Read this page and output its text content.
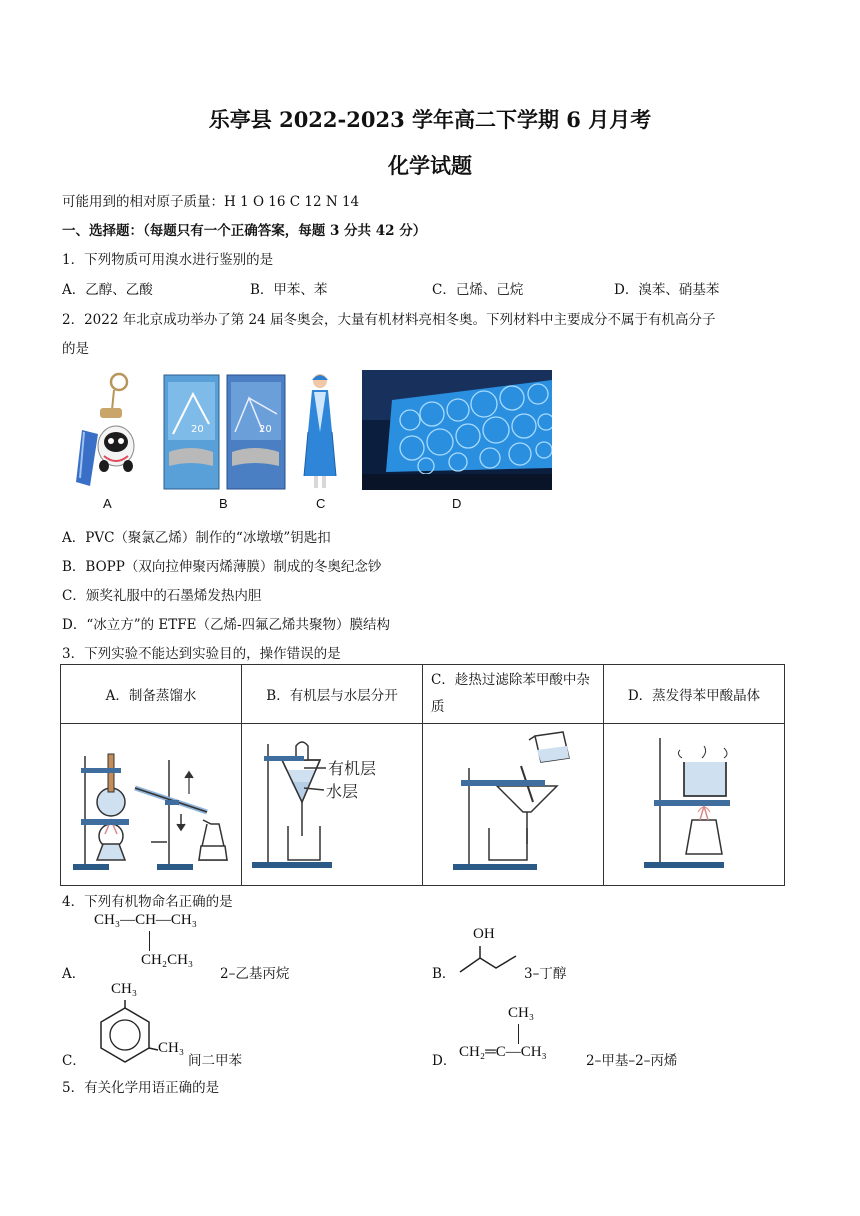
乐亭县 2022-2023 学年高二下学期 6 月月考
化学试题
可能用到的相对原子质量：H 1 O 16 C 12 N 14
一、选择题：（每题只有一个正确答案，每题 3 分共 42 分）
1．下列物质可用溴水进行鉴别的是
A．乙醇、乙酸	B．甲苯、苯	C．己烯、己烷	D．溴苯、硝基苯
2．2022 年北京成功举办了第 24 届冬奥会，大量有机材料亮相冬奥。下列材料中主要成分不属于有机高分子
的是
20	20
A	B	C	D
A．PVC（聚氯乙烯）制作的“冰墩墩”钥匙扣
B．BOPP（双向拉伸聚丙烯薄膜）制成的冬奥纪念钞
C．颁奖礼服中的石墨烯发热内胆
D．“冰立方”的 ETFE（乙烯-四氟乙烯共聚物）膜结构
3．下列实验不能达到实验目的，操作错误的是
A．制备蒸馏水	B．有机层与水层分开	C．趁热过滤除苯甲酸中杂质	D．蒸发得苯甲酸晶体

有机层
水层

4．下列有机物命名正确的是
CH₃—CH—CH₃
CH₂CH₃
A．	2–乙基丙烷	B．
OH
3–丁醇
CH₃
CH₃
C．	间二甲苯
CH₃
D．
CH₂═C—CH₃
2–甲基–2–丙烯
5．有关化学用语正确的是
